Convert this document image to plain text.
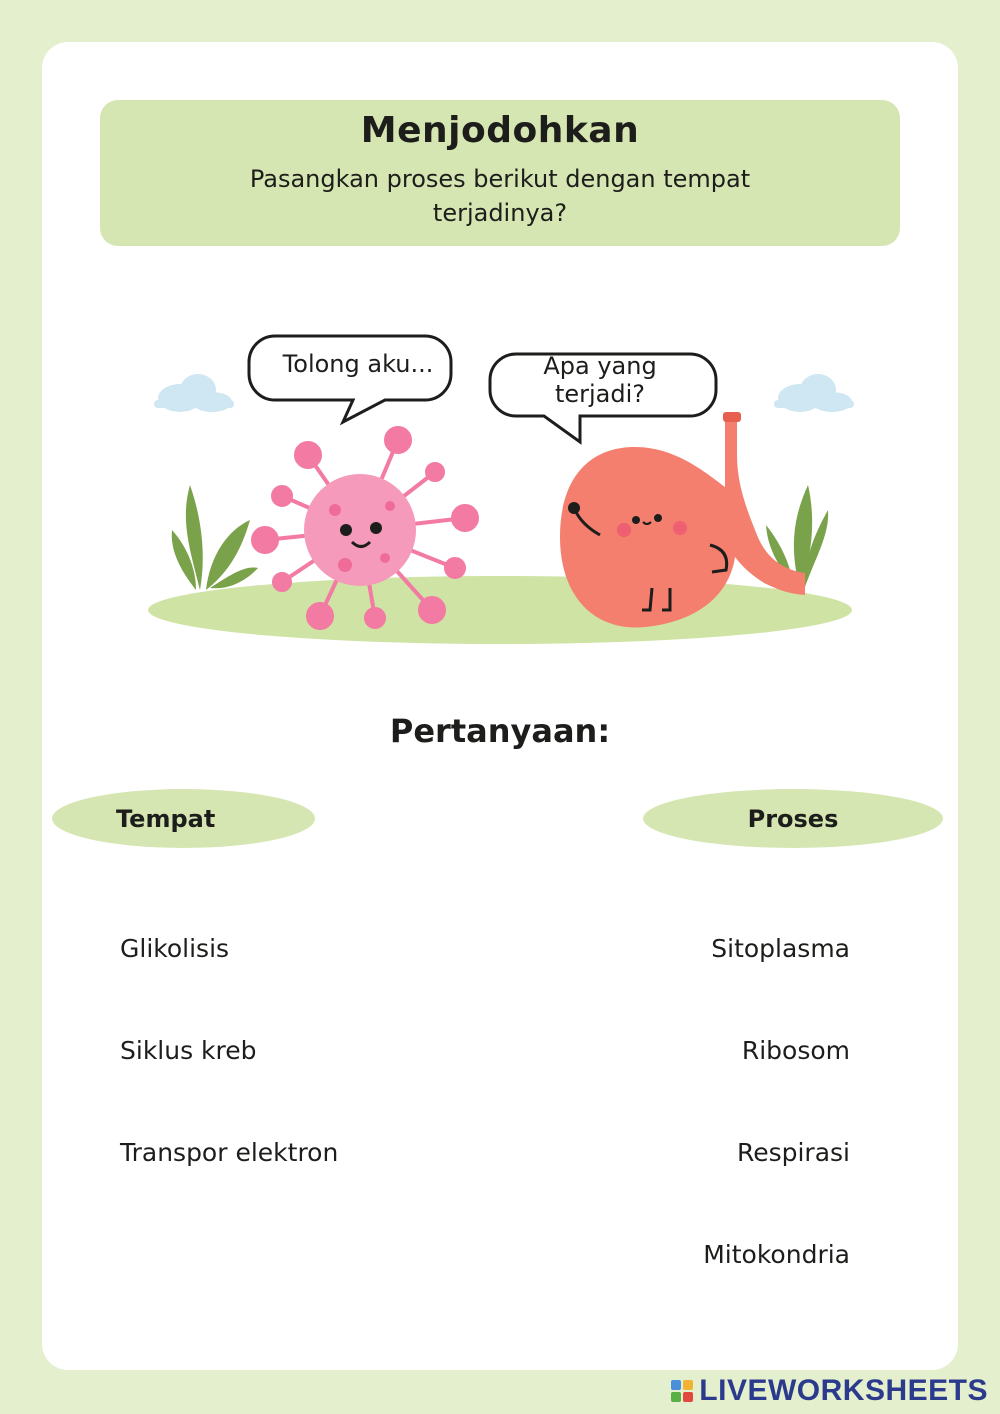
Menjodohkan
Pasangkan proses berikut dengan tempat terjadinya?
Tolong aku...	Apa yang terjadi?
Pertanyaan:
Tempat	Proses
Glikolisis
Siklus kreb
Transpor elektron
Sitoplasma
Ribosom
Respirasi
Mitokondria
LIVEWORKSHEETS
